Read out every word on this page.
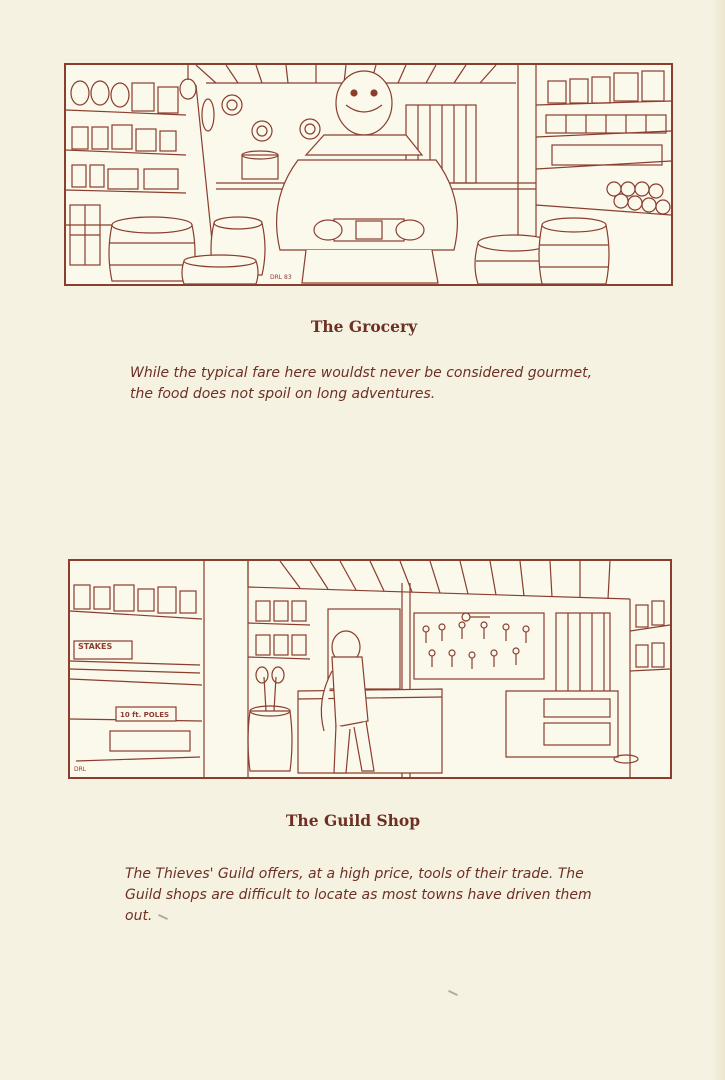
DRL 83
The Grocery

While the typical fare here wouldst never be considered gourmet,
the food does not spoil on long adventures.

STAKES
10 ft. POLES
DRL
The Guild Shop

The Thieves' Guild offers, at a high price, tools of their trade. The
Guild shops are difficult to locate as most towns have driven them
out.
